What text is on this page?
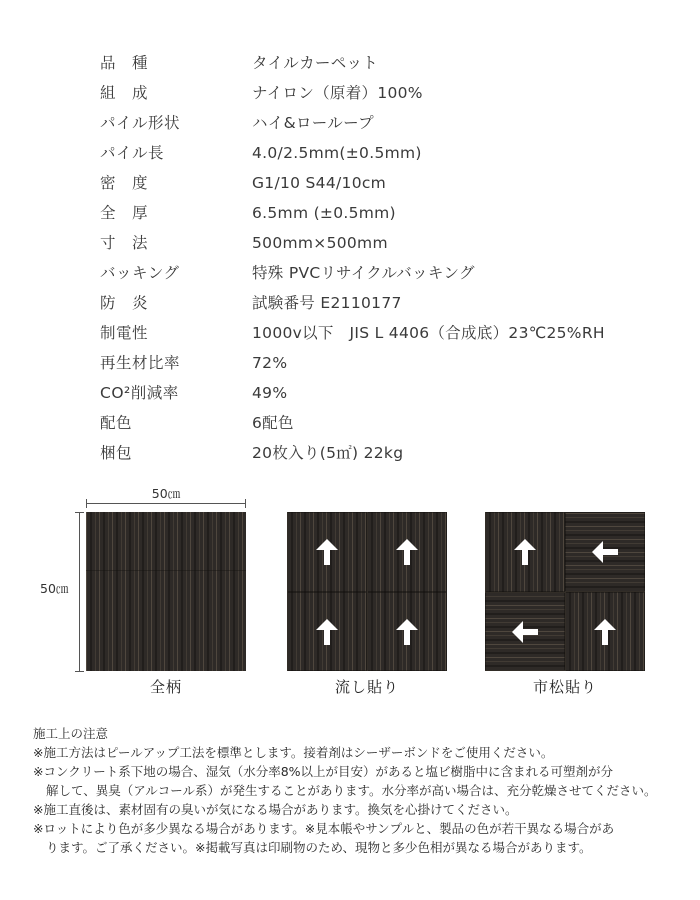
品　種	タイルカーペット
組　成	ナイロン（原着）100%
パイル形状	ハイ&ローループ
パイル長	4.0/2.5mm(±0.5mm)
密　度	G1/10 S44/10cm
全　厚	6.5mm (±0.5mm)
寸　法	500mm×500mm
バッキング	特殊 PVCリサイクルバッキング
防　炎	試験番号 E2110177
制電性	1000v以下　JIS L 4406（合成底）23℃25%RH
再生材比率	72%
CO²削減率	49%
配色	6配色
梱包	20枚入り(5㎡) 22kg
50㎝
50㎝
全柄	流し貼り	市松貼り
施工上の注意
※施工方法はピールアップ工法を標準とします。接着剤はシーザーボンドをご使用ください。
※コンクリート系下地の場合、湿気（水分率8%以上が目安）があると塩ビ樹脂中に含まれる可塑剤が分
解して、異臭（アルコール系）が発生することがあります。水分率が高い場合は、充分乾燥させてください。
※施工直後は、素材固有の臭いが気になる場合があります。換気を心掛けてください。
※ロットにより色が多少異なる場合があります。※見本帳やサンプルと、製品の色が若干異なる場合があ
ります。ご了承ください。※掲載写真は印刷物のため、現物と多少色相が異なる場合があります。
